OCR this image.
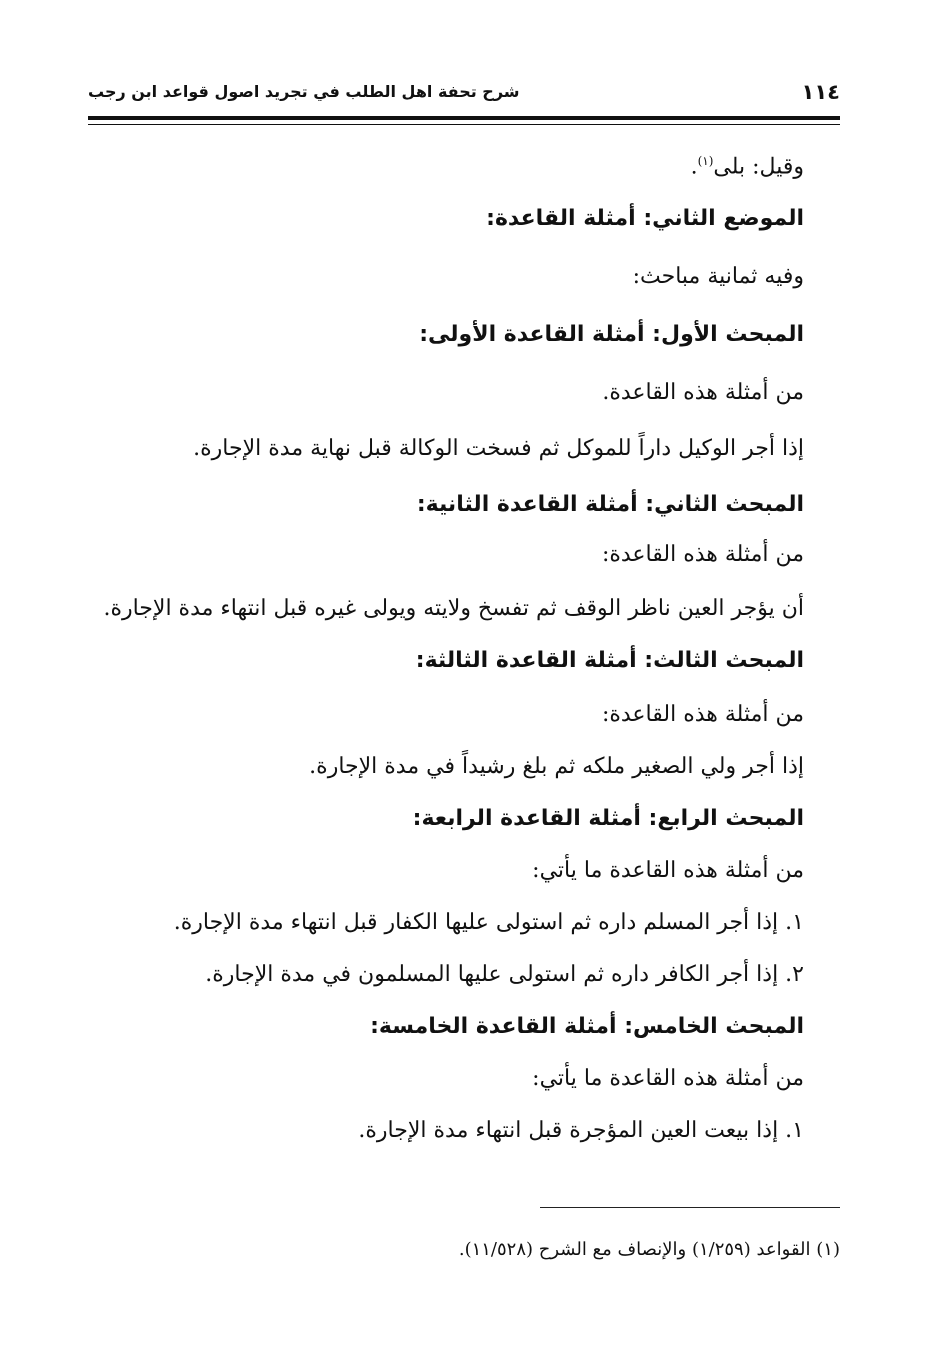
١١٤
شرح تحفة اهل الطلب في تجريد اصول قواعد ابن رجب
وقيل: بلى$^{(١)}$.
الموضع الثاني: أمثلة القاعدة:
وفيه ثمانية مباحث:
المبحث الأول: أمثلة القاعدة الأولى:
من أمثلة هذه القاعدة.
إذا أجر الوكيل داراً للموكل ثم فسخت الوكالة قبل نهاية مدة الإجارة.
المبحث الثاني: أمثلة القاعدة الثانية:
من أمثلة هذه القاعدة:
أن يؤجر العين ناظر الوقف ثم تفسخ ولايته ويولى غيره قبل انتهاء مدة الإجارة.
المبحث الثالث: أمثلة القاعدة الثالثة:
من أمثلة هذه القاعدة:
إذا أجر ولي الصغير ملكه ثم بلغ رشيداً في مدة الإجارة.
المبحث الرابع: أمثلة القاعدة الرابعة:
من أمثلة هذه القاعدة ما يأتي:
١. إذا أجر المسلم داره ثم استولى عليها الكفار قبل انتهاء مدة الإجارة.
٢. إذا أجر الكافر داره ثم استولى عليها المسلمون في مدة الإجارة.
المبحث الخامس: أمثلة القاعدة الخامسة:
من أمثلة هذه القاعدة ما يأتي:
١. إذا بيعت العين المؤجرة قبل انتهاء مدة الإجارة.
(١) القواعد (١/٢٥٩) والإنصاف مع الشرح (١١/٥٢٨).
